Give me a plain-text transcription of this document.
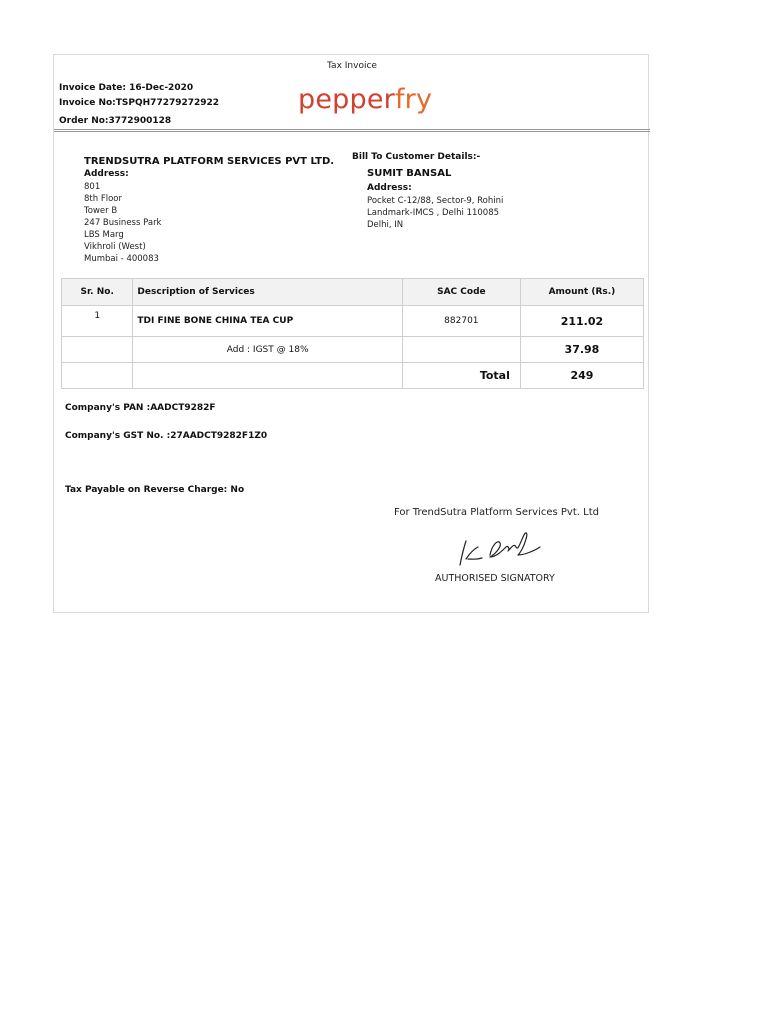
Tax Invoice
Invoice Date: 16-Dec-2020
Invoice No:TSPQH77279272922
Order No:3772900128
pepperfry
TRENDSUTRA PLATFORM SERVICES PVT LTD.
Address:
801
8th Floor
Tower B
247 Business Park
LBS Marg
Vikhroli (West)
Mumbai - 400083
Bill To Customer Details:-
SUMIT BANSAL
Address:
Pocket C-12/88, Sector-9, Rohini
Landmark-IMCS , Delhi 110085
Delhi, IN
Sr. No.	Description of Services	SAC Code	Amount (Rs.)
1	TDI FINE BONE CHINA TEA CUP	882701	211.02
	Add : IGST @ 18%		37.98
		Total	249
Company's PAN :AADCT9282F
Company's GST No. :27AADCT9282F1Z0
Tax Payable on Reverse Charge: No
For TrendSutra Platform Services Pvt. Ltd
AUTHORISED SIGNATORY
